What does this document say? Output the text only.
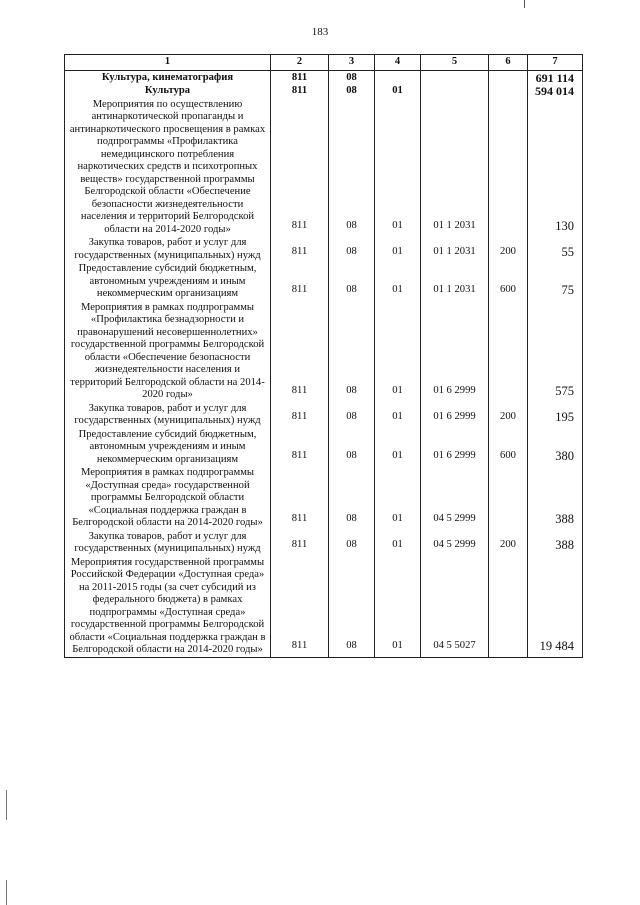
183
1	2	3	4	5	6	7
Культура, кинематография	811	08				691 114
Культура	811	08	01			594 014
Мероприятия по осуществлению антинаркотической пропаганды и антинаркотического просвещения в рамках подпрограммы «Профилактика немедицинского потребления наркотических средств и психотропных веществ» государственной программы Белгородской области «Обеспечение безопасности жизнедеятельности населения и территорий Белгородской области на 2014-2020 годы»	811	08	01	01 1 2031		130
Закупка товаров, работ и услуг для государственных (муниципальных) нужд	811	08	01	01 1 2031	200	55
Предоставление субсидий бюджетным, автономным учреждениям и иным некоммерческим организациям	811	08	01	01 1 2031	600	75
Мероприятия в рамках подпрограммы «Профилактика безнадзорности и правонарушений несовершеннолетних» государственной программы Белгородской области «Обеспечение безопасности жизнедеятельности населения и территорий Белгородской области на 2014-2020 годы»	811	08	01	01 6 2999		575
Закупка товаров, работ и услуг для государственных (муниципальных) нужд	811	08	01	01 6 2999	200	195
Предоставление субсидий бюджетным, автономным учреждениям и иным некоммерческим организациям	811	08	01	01 6 2999	600	380
Мероприятия в рамках подпрограммы «Доступная среда» государственной программы Белгородской области «Социальная поддержка граждан в Белгородской области на 2014-2020 годы»	811	08	01	04 5 2999		388
Закупка товаров, работ и услуг для государственных (муниципальных) нужд	811	08	01	04 5 2999	200	388
Мероприятия государственной программы Российской Федерации «Доступная среда» на 2011-2015 годы (за счет субсидий из федерального бюджета) в рамках подпрограммы «Доступная среда» государственной программы Белгородской области «Социальная поддержка граждан в Белгородской области на 2014-2020 годы»	811	08	01	04 5 5027		19 484
